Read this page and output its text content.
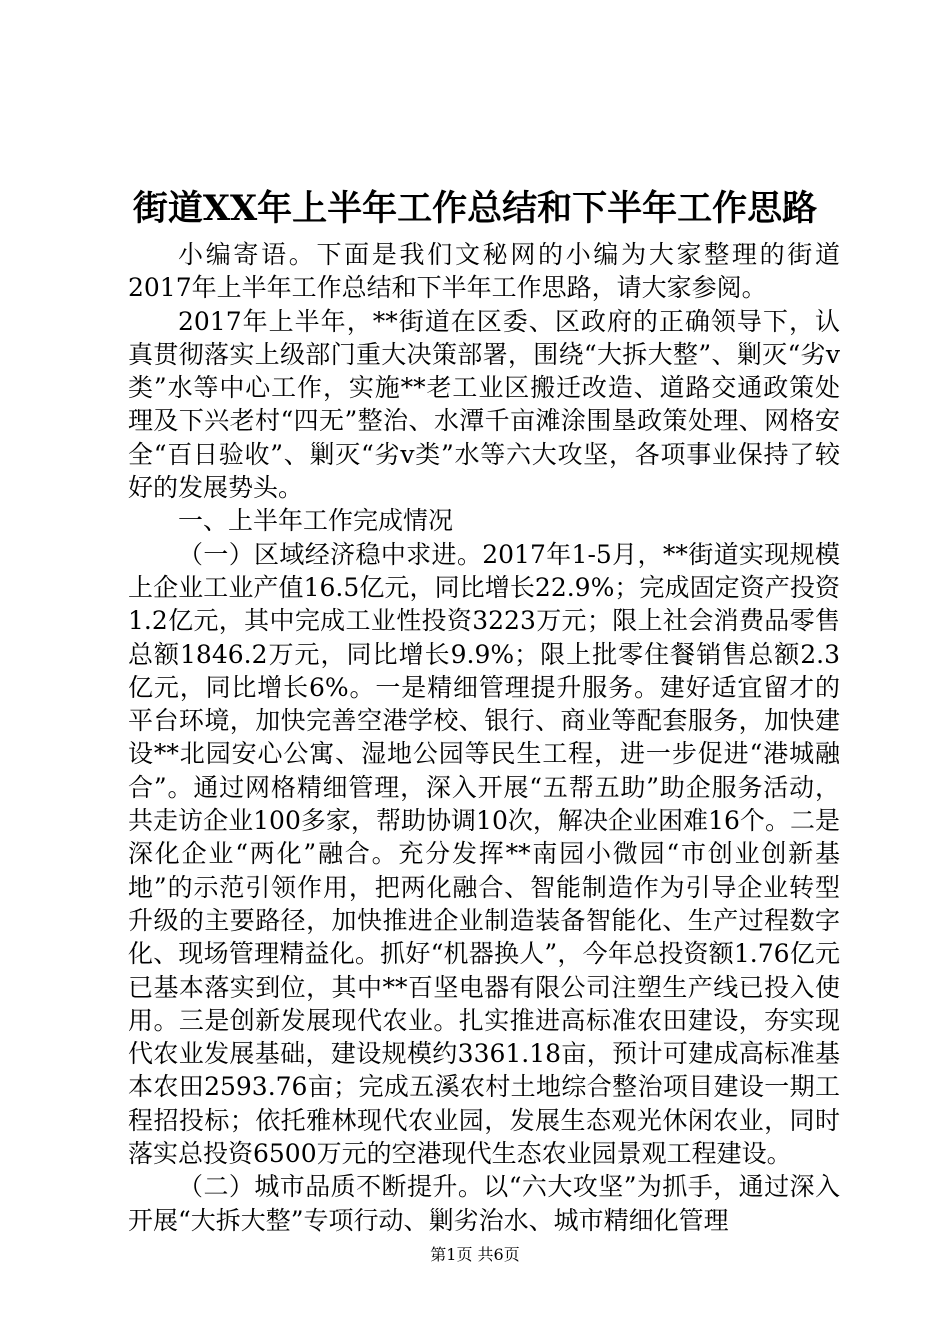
街道XX年上半年工作总结和下半年工作思路

小编寄语。下面是我们文秘网的小编为大家整理的街道2017年上半年工作总结和下半年工作思路，请大家参阅。

2017年上半年，**街道在区委、区政府的正确领导下，认真贯彻落实上级部门重大决策部署，围绕“大拆大整”、剿灭“劣v类”水等中心工作，实施**老工业区搬迁改造、道路交通政策处理及下兴老村“四无”整治、水潭千亩滩涂围垦政策处理、网格安全“百日验收”、剿灭“劣v类”水等六大攻坚，各项事业保持了较好的发展势头。

一、上半年工作完成情况

（一）区域经济稳中求进。2017年1-5月，**街道实现规模上企业工业产值16.5亿元，同比增长22.9%；完成固定资产投资1.2亿元，其中完成工业性投资3223万元；限上社会消费品零售总额1846.2万元，同比增长9.9%；限上批零住餐销售总额2.3亿元，同比增长6%。一是精细管理提升服务。建好适宜留才的平台环境，加快完善空港学校、银行、商业等配套服务，加快建设**北园安心公寓、湿地公园等民生工程，进一步促进“港城融合”。通过网格精细管理，深入开展“五帮五助”助企服务活动，共走访企业100多家，帮助协调10次，解决企业困难16个。二是深化企业“两化”融合。充分发挥**南园小微园“市创业创新基地”的示范引领作用，把两化融合、智能制造作为引导企业转型升级的主要路径，加快推进企业制造装备智能化、生产过程数字化、现场管理精益化。抓好“机器换人”，今年总投资额1.76亿元已基本落实到位，其中**百坚电器有限公司注塑生产线已投入使用。三是创新发展现代农业。扎实推进高标准农田建设，夯实现代农业发展基础，建设规模约3361.18亩，预计可建成高标准基本农田2593.76亩；完成五溪农村土地综合整治项目建设一期工程招投标；依托雅林现代农业园，发展生态观光休闲农业，同时落实总投资6500万元的空港现代生态农业园景观工程建设。

（二）城市品质不断提升。以“六大攻坚”为抓手，通过深入开展“大拆大整”专项行动、剿劣治水、城市精细化管理

第1页 共6页
